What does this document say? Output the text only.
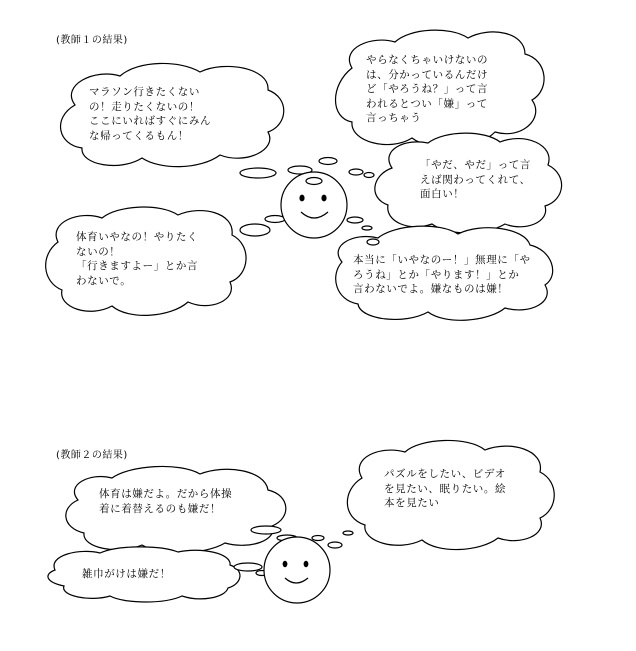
(教師１の結果)
(教師２の結果)
マラソン行きたくない
の！走りたくないの！
ここにいればすぐにみん
な帰ってくるもん！
やらなくちゃいけないの
は、分かっているんだけ
ど「やろうね？」って言
われるとつい「嫌」って
言っちゃう
「やだ、やだ」って言
えば関わってくれて、
面白い！
体育いやなの！やりたく
ないの！
「行きますよー」とか言
わないで。
本当に「いやなのー！」無理に「や
ろうね」とか「やります！」とか
言わないでよ。嫌なものは嫌！
体育は嫌だよ。だから体操
着に着替えるのも嫌だ！
パズルをしたい、ビデオ
を見たい、眠りたい。絵
本を見たい
雑巾がけは嫌だ！
